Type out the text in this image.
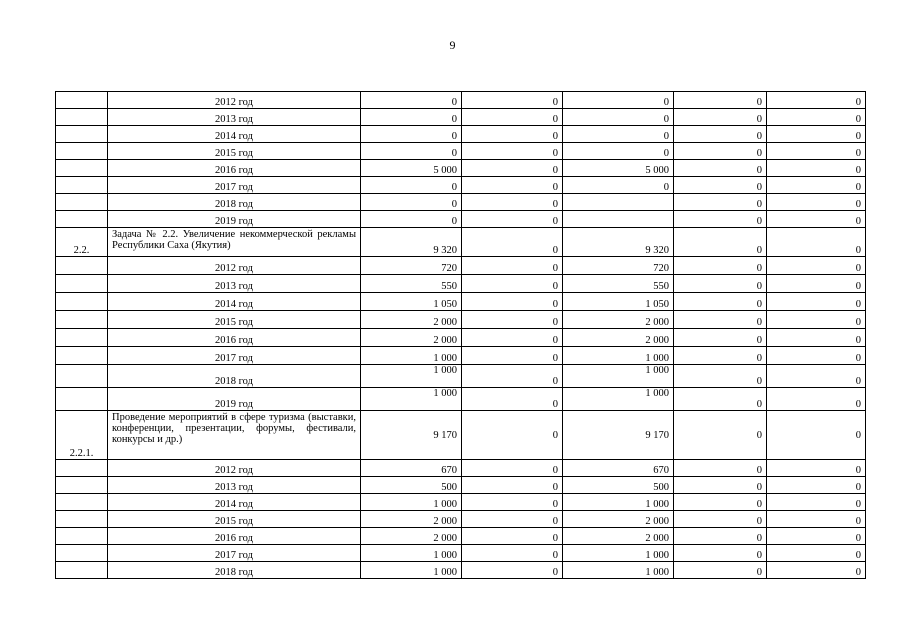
9
	2012 год	0	0	0	0	0
	2013 год	0	0	0	0	0
	2014 год	0	0	0	0	0
	2015 год	0	0	0	0	0
	2016 год	5 000	0	5 000	0	0
	2017 год	0	0	0	0	0
	2018 год	0	0		0	0
	2019 год	0	0		0	0
2.2.	Задача № 2.2. Увеличение некоммерческой рекламы Республики Саха (Якутия)	9 320	0	9 320	0	0
	2012 год	720	0	720	0	0
	2013 год	550	0	550	0	0
	2014 год	1 050	0	1 050	0	0
	2015 год	2 000	0	2 000	0	0
	2016 год	2 000	0	2 000	0	0
	2017 год	1 000	0	1 000	0	0
	2018 год	1 000	0	1 000	0	0
	2019 год	1 000	0	1 000	0	0
2.2.1.	Проведение мероприятий в сфере туризма (выставки, конференции, презентации, форумы, фестивали, конкурсы и др.)	9 170	0	9 170	0	0
	2012 год	670	0	670	0	0
	2013 год	500	0	500	0	0
	2014 год	1 000	0	1 000	0	0
	2015 год	2 000	0	2 000	0	0
	2016 год	2 000	0	2 000	0	0
	2017 год	1 000	0	1 000	0	0
	2018 год	1 000	0	1 000	0	0
